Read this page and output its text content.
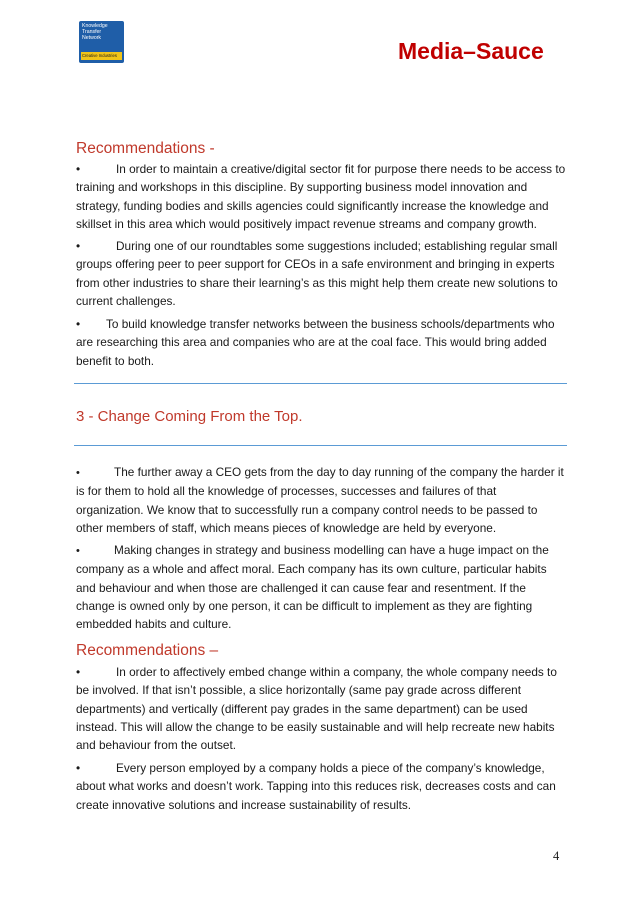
Knowledge
Transfer
Network
Creative Industries	Media–Sauce
Recommendations -
•	In order to maintain a creative/digital sector fit for purpose there needs to be access to training and workshops in this discipline. By supporting business model innovation and strategy, funding bodies and skills agencies could significantly increase the knowledge and skillset in this area which would positively impact revenue streams and company growth.
•	During one of our roundtables some suggestions included; establishing regular small groups offering peer to peer support for CEOs in a safe environment and bringing in experts from other industries to share their learning’s as this might help them create new solutions to current challenges.
• To build knowledge transfer networks between the business schools/departments who are researching this area and companies who are at the coal face. This would bring added benefit to both.
3 - Change Coming From the Top.
•	The further away a CEO gets from the day to day running of the company the harder it is for them to hold all the knowledge of processes, successes and failures of that organization. We know that to successfully run a company control needs to be passed to other members of staff, which means pieces of knowledge are held by everyone.
•	Making changes in strategy and business modelling can have a huge impact on the company as a whole and affect moral. Each company has its own culture, particular habits and behaviour and when those are challenged it can cause fear and resentment. If the change is owned only by one person, it can be difficult to implement as they are fighting embedded habits and culture.
Recommendations –
•	In order to affectively embed change within a company, the whole company needs to be involved. If that isn’t possible, a slice horizontally (same pay grade across different departments) and vertically (different pay grades in the same department) can be used instead. This will allow the change to be easily sustainable and will help recreate new habits and behaviour from the outset.
•	Every person employed by a company holds a piece of the company’s knowledge, about what works and doesn’t work. Tapping into this reduces risk, decreases costs and can create innovative solutions and increase sustainability of results.
4
